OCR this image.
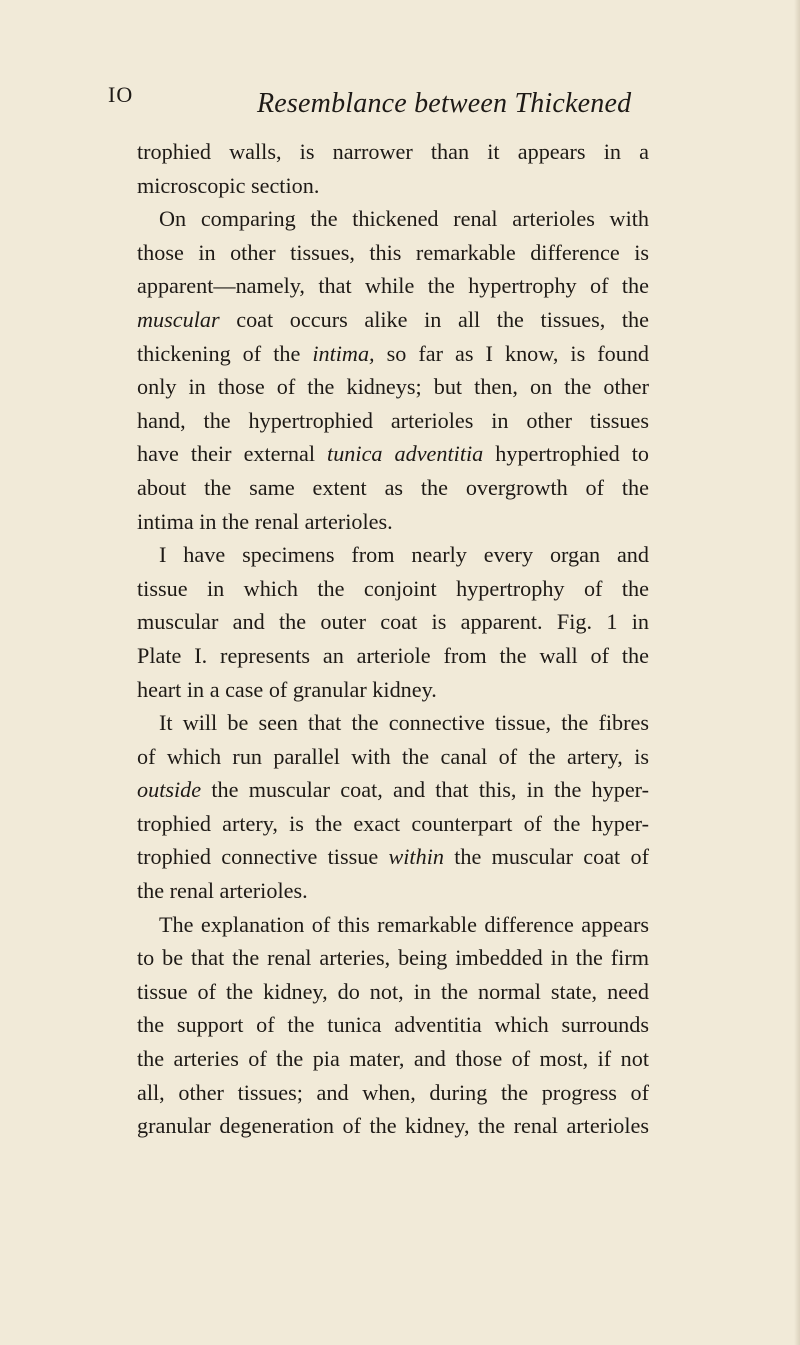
IO	Resemblance between Thickened
trophied walls, is narrower than it appears in a
microscopic section.
On comparing the thickened renal arterioles with
those in other tissues, this remarkable difference is
apparent—namely, that while the hypertrophy of the
muscular coat occurs alike in all the tissues, the
thickening of the intima, so far as I know, is found
only in those of the kidneys; but then, on the other
hand, the hypertrophied arterioles in other tissues
have their external tunica adventitia hypertrophied to
about the same extent as the overgrowth of the
intima in the renal arterioles.
I have specimens from nearly every organ and
tissue in which the conjoint hypertrophy of the
muscular and the outer coat is apparent. Fig. 1 in
Plate I. represents an arteriole from the wall of the
heart in a case of granular kidney.
It will be seen that the connective tissue, the fibres
of which run parallel with the canal of the artery, is
outside the muscular coat, and that this, in the hyper-
trophied artery, is the exact counterpart of the hyper-
trophied connective tissue within the muscular coat of
the renal arterioles.
The explanation of this remarkable difference appears
to be that the renal arteries, being imbedded in the firm
tissue of the kidney, do not, in the normal state, need
the support of the tunica adventitia which surrounds
the arteries of the pia mater, and those of most, if not
all, other tissues; and when, during the progress of
granular degeneration of the kidney, the renal arterioles
